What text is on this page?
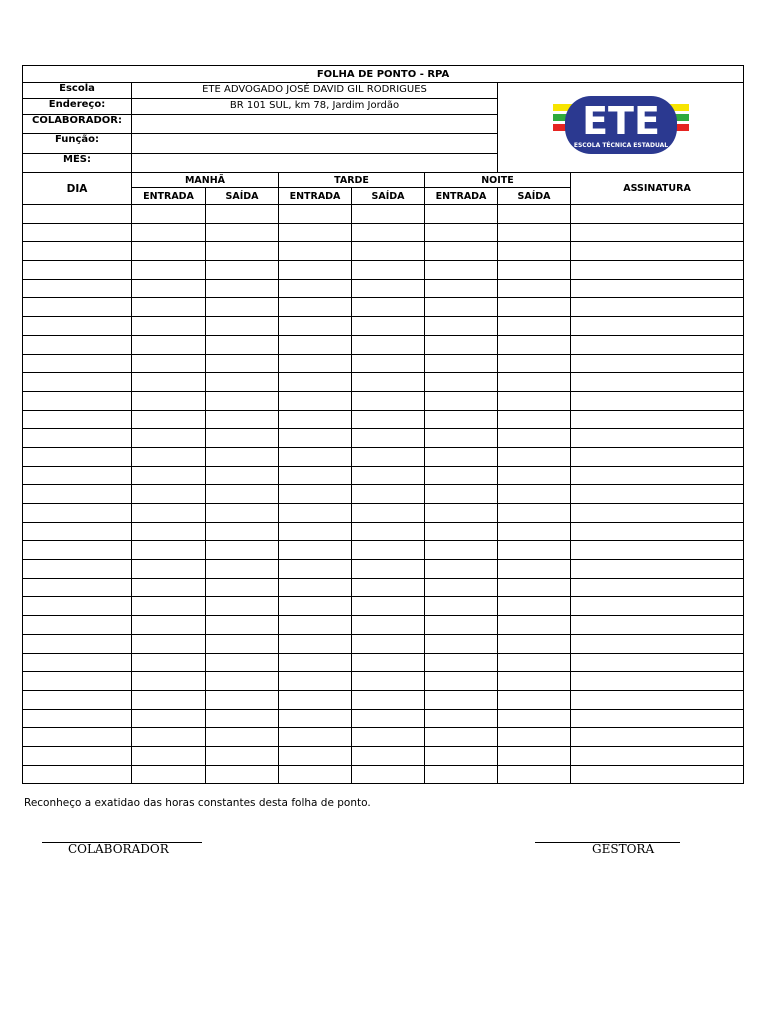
FOLHA DE PONTO - RPA							
Escola	ETE ADVOGADO JOSÉ DAVID GIL RODRIGUES					ETE
ESCOLA TÉCNICA ESTADUAL	

Endereço:	BR 101 SUL, km 78, Jardim Jordão						
COLABORADOR:							
Função:							
MÊS:							
DIA	MANHÃ		TARDE		NOITE		ASSINATURA
	ENTRADA	SAÍDA	ENTRADA	SAÍDA	ENTRADA	SAÍDA	

Reconheço a exatidao das horas constantes desta folha de ponto.
COLABORADOR	GESTORA
